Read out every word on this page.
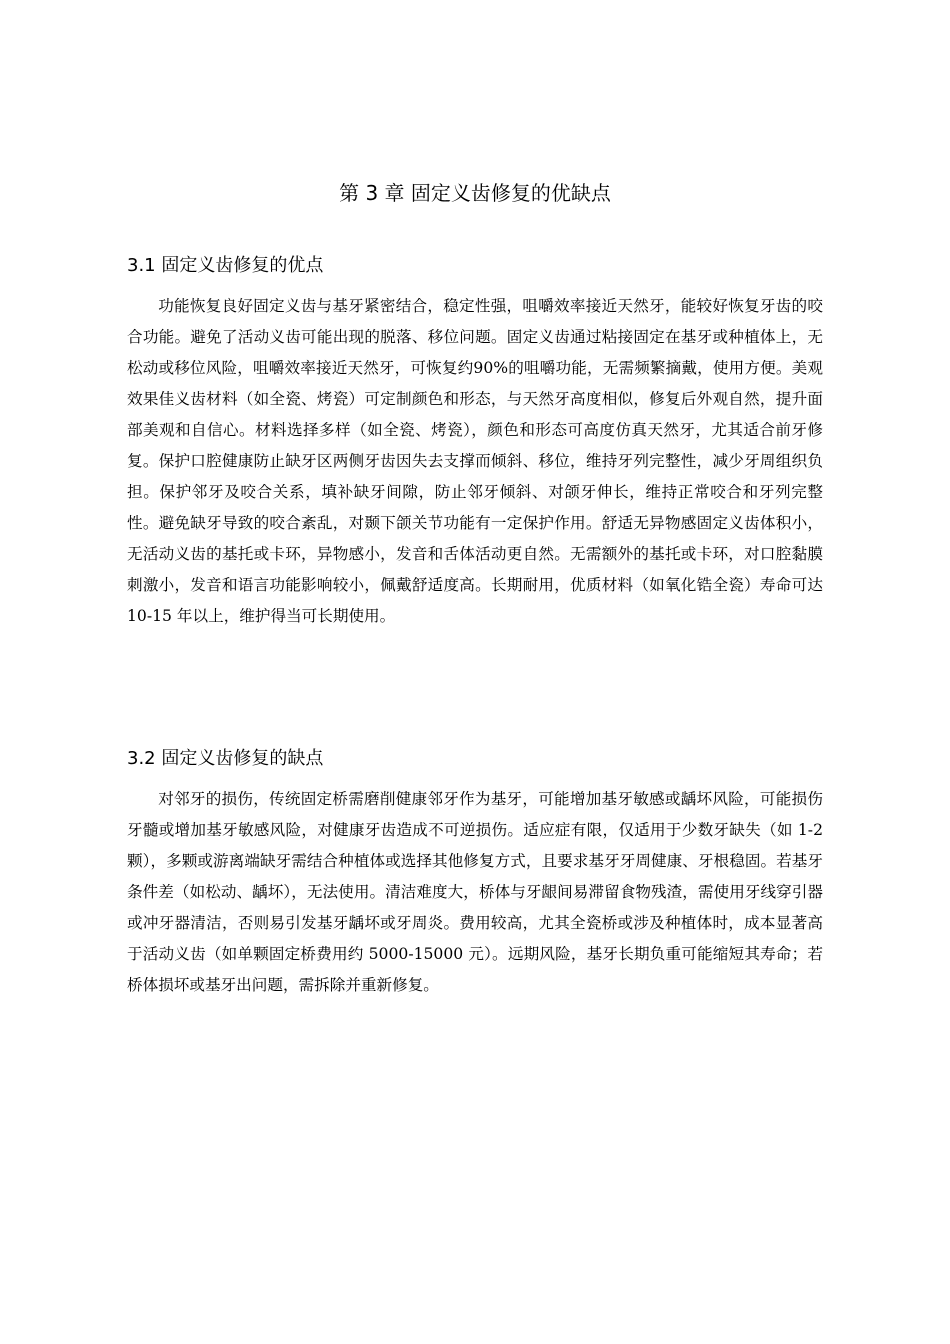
第 3 章 固定义齿修复的优缺点
3.1 固定义齿修复的优点

功能恢复良好固定义齿与基牙紧密结合，稳定性强，咀嚼效率接近天然牙，能较好恢复牙齿的咬合功能。避免了活动义齿可能出现的脱落、移位问题。固定义齿通过粘接固定在基牙或种植体上，无松动或移位风险，咀嚼效率接近天然牙，可恢复约90%的咀嚼功能，无需频繁摘戴，使用方便。美观效果佳义齿材料（如全瓷、烤瓷）可定制颜色和形态，与天然牙高度相似，修复后外观自然，提升面部美观和自信心。材料选择多样（如全瓷、烤瓷），颜色和形态可高度仿真天然牙，尤其适合前牙修复。保护口腔健康防止缺牙区两侧牙齿因失去支撑而倾斜、移位，维持牙列完整性，减少牙周组织负担。保护邻牙及咬合关系，填补缺牙间隙，防止邻牙倾斜、对颌牙伸长，维持正常咬合和牙列完整性。避免缺牙导致的咬合紊乱，对颞下颌关节功能有一定保护作用。舒适无异物感固定义齿体积小，无活动义齿的基托或卡环，异物感小，发音和舌体活动更自然。无需额外的基托或卡环，对口腔黏膜刺激小，发音和语言功能影响较小，佩戴舒适度高。长期耐用，优质材料（如氧化锆全瓷）寿命可达 10-15 年以上，维护得当可长期使用。

3.2 固定义齿修复的缺点

对邻牙的损伤，传统固定桥需磨削健康邻牙作为基牙，可能增加基牙敏感或龋坏风险，可能损伤牙髓或增加基牙敏感风险，对健康牙齿造成不可逆损伤。适应症有限，仅适用于少数牙缺失（如 1-2 颗），多颗或游离端缺牙需结合种植体或选择其他修复方式，且要求基牙牙周健康、牙根稳固。若基牙条件差（如松动、龋坏），无法使用。清洁难度大，桥体与牙龈间易滞留食物残渣，需使用牙线穿引器或冲牙器清洁，否则易引发基牙龋坏或牙周炎。费用较高，尤其全瓷桥或涉及种植体时，成本显著高于活动义齿（如单颗固定桥费用约 5000-15000 元）。远期风险，基牙长期负重可能缩短其寿命；若桥体损坏或基牙出问题，需拆除并重新修复。
